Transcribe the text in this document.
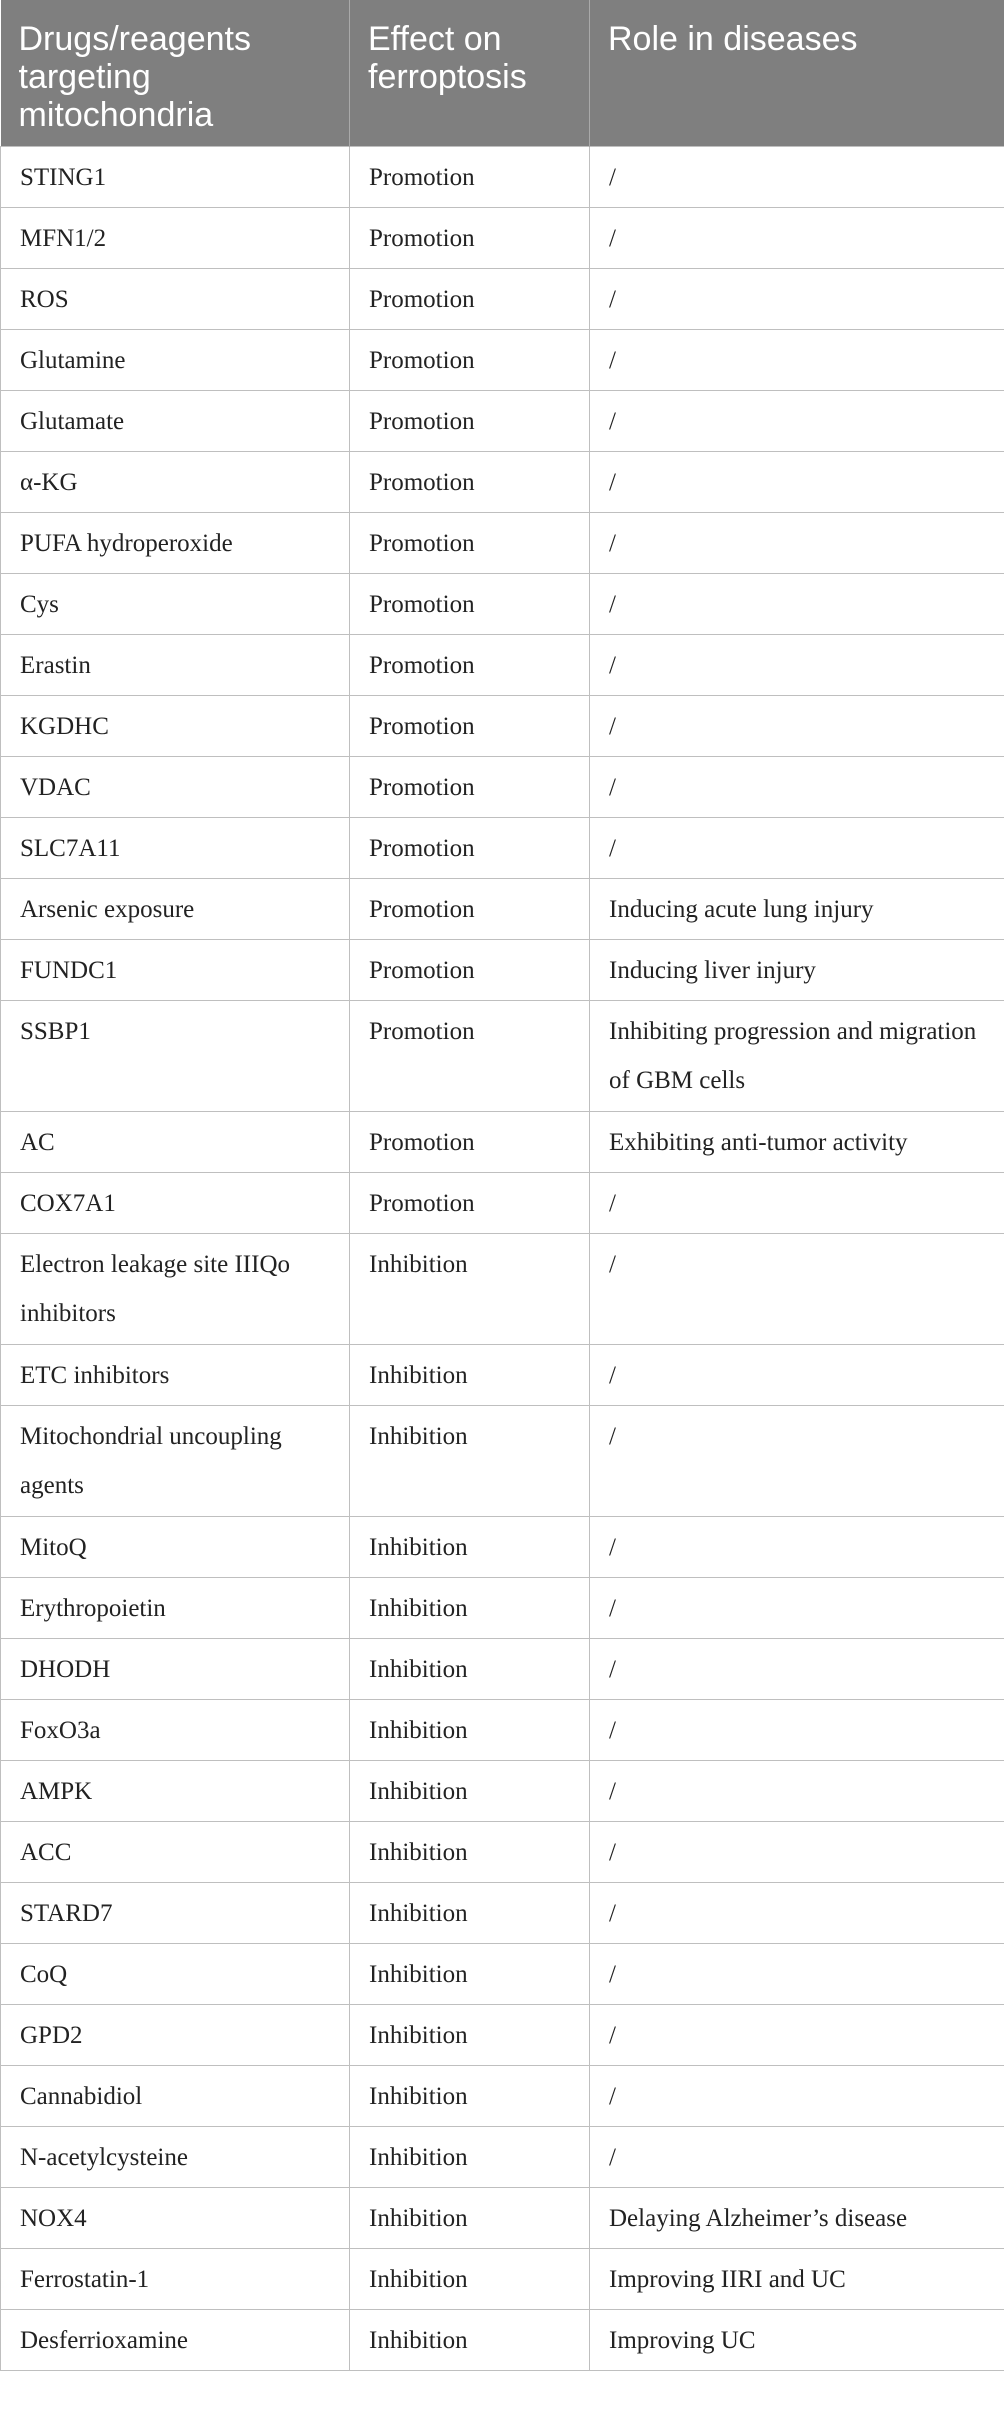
Drugs/reagents targeting mitochondria	Effect on ferroptosis	Role in diseases
STING1	Promotion	/
MFN1/2	Promotion	/
ROS	Promotion	/
Glutamine	Promotion	/
Glutamate	Promotion	/
α-KG	Promotion	/
PUFA hydroperoxide	Promotion	/
Cys	Promotion	/
Erastin	Promotion	/
KGDHC	Promotion	/
VDAC	Promotion	/
SLC7A11	Promotion	/
Arsenic exposure	Promotion	Inducing acute lung injury
FUNDC1	Promotion	Inducing liver injury
SSBP1	Promotion	Inhibiting progression and migration of GBM cells
AC	Promotion	Exhibiting anti-tumor activity
COX7A1	Promotion	/
Electron leakage site IIIQo inhibitors	Inhibition	/
ETC inhibitors	Inhibition	/
Mitochondrial uncoupling agents	Inhibition	/
MitoQ	Inhibition	/
Erythropoietin	Inhibition	/
DHODH	Inhibition	/
FoxO3a	Inhibition	/
AMPK	Inhibition	/
ACC	Inhibition	/
STARD7	Inhibition	/
CoQ	Inhibition	/
GPD2	Inhibition	/
Cannabidiol	Inhibition	/
N-acetylcysteine	Inhibition	/
NOX4	Inhibition	Delaying Alzheimer’s disease
Ferrostatin-1	Inhibition	Improving IIRI and UC
Desferrioxamine	Inhibition	Improving UC
